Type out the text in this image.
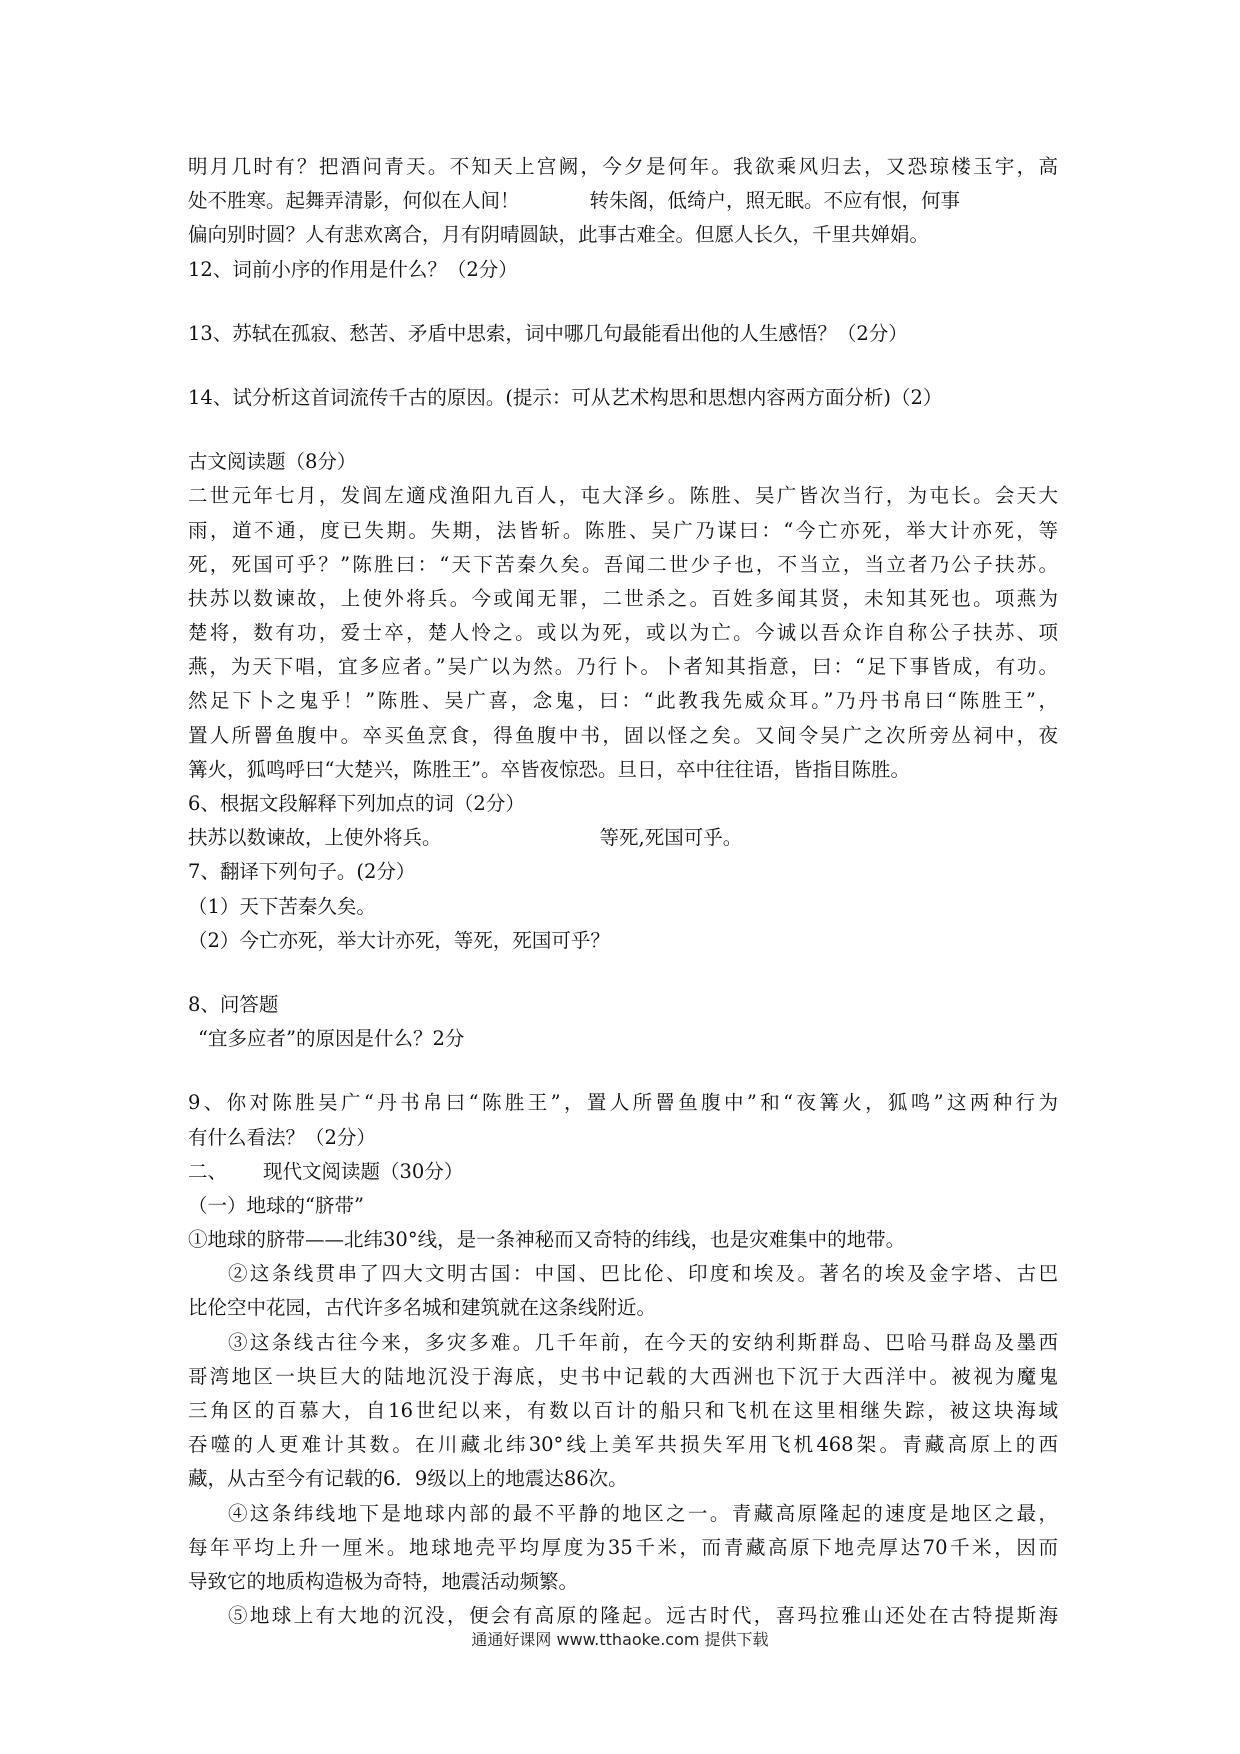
明月几时有？把酒问青天。不知天上宫阙，今夕是何年。我欲乘风归去，又恐琼楼玉宇，高
处不胜寒。起舞弄清影，何似在人间！	转朱阁，低绮户，照无眠。不应有恨，何事
偏向别时圆？人有悲欢离合，月有阴晴圆缺，此事古难全。但愿人长久，千里共婵娟。
12、词前小序的作用是什么？（2分）
13、苏轼在孤寂、愁苦、矛盾中思索，词中哪几句最能看出他的人生感悟？（2分）
14、试分析这首词流传千古的原因。(提示：可从艺术构思和思想内容两方面分析)（2）
古文阅读题（8分）
二世元年七月，发闾左適戍渔阳九百人，屯大泽乡。陈胜、吴广皆次当行，为屯长。会天大
雨，道不通，度已失期。失期，法皆斩。陈胜、吴广乃谋曰：“今亡亦死，举大计亦死，等
死，死国可乎？”陈胜曰：“天下苦秦久矣。吾闻二世少子也，不当立，当立者乃公子扶苏。
扶苏以数谏故，上使外将兵。今或闻无罪，二世杀之。百姓多闻其贤，未知其死也。项燕为
楚将，数有功，爱士卒，楚人怜之。或以为死，或以为亡。今诚以吾众诈自称公子扶苏、项
燕，为天下唱，宜多应者。”吴广以为然。乃行卜。卜者知其指意，曰：“足下事皆成，有功。
然足下卜之鬼乎！”陈胜、吴广喜，念鬼，曰：“此教我先威众耳。”乃丹书帛曰“陈胜王”，
置人所罾鱼腹中。卒买鱼烹食，得鱼腹中书，固以怪之矣。又间令吴广之次所旁丛祠中，夜
篝火，狐鸣呼曰“大楚兴，陈胜王”。卒皆夜惊恐。旦日，卒中往往语，皆指目陈胜。
6、根据文段解释下列加点的词（2分）
扶苏以数谏故，上使外将兵。	等死,死国可乎。
7、翻译下列句子。(2分）
（1）天下苦秦久矣。
（2）今亡亦死，举大计亦死，等死，死国可乎？
8、问答题
“宜多应者”的原因是什么？2分
9、你对陈胜吴广“丹书帛曰“陈胜王”，置人所罾鱼腹中”和“夜篝火，狐鸣”这两种行为
有什么看法？（2分）
二、 现代文阅读题（30分）
（一）地球的“脐带”
①地球的脐带——北纬30°线，是一条神秘而又奇特的纬线，也是灾难集中的地带。
②这条线贯串了四大文明古国：中国、巴比伦、印度和埃及。著名的埃及金字塔、古巴
比伦空中花园，古代许多名城和建筑就在这条线附近。
③这条线古往今来，多灾多难。几千年前，在今天的安纳利斯群岛、巴哈马群岛及墨西
哥湾地区一块巨大的陆地沉没于海底，史书中记载的大西洲也下沉于大西洋中。被视为魔鬼
三角区的百慕大，自16世纪以来，有数以百计的船只和飞机在这里相继失踪，被这块海域
吞噬的人更难计其数。在川藏北纬30°线上美军共损失军用飞机468架。青藏高原上的西
藏，从古至今有记载的6．9级以上的地震达86次。
④这条纬线地下是地球内部的最不平静的地区之一。青藏高原隆起的速度是地区之最，
每年平均上升一厘米。地球地壳平均厚度为35千米，而青藏高原下地壳厚达70千米，因而
导致它的地质构造极为奇特，地震活动频繁。
⑤地球上有大地的沉没，便会有高原的隆起。远古时代，喜玛拉雅山还处在古特提斯海
通通好课网 www.tthaoke.com 提供下载
